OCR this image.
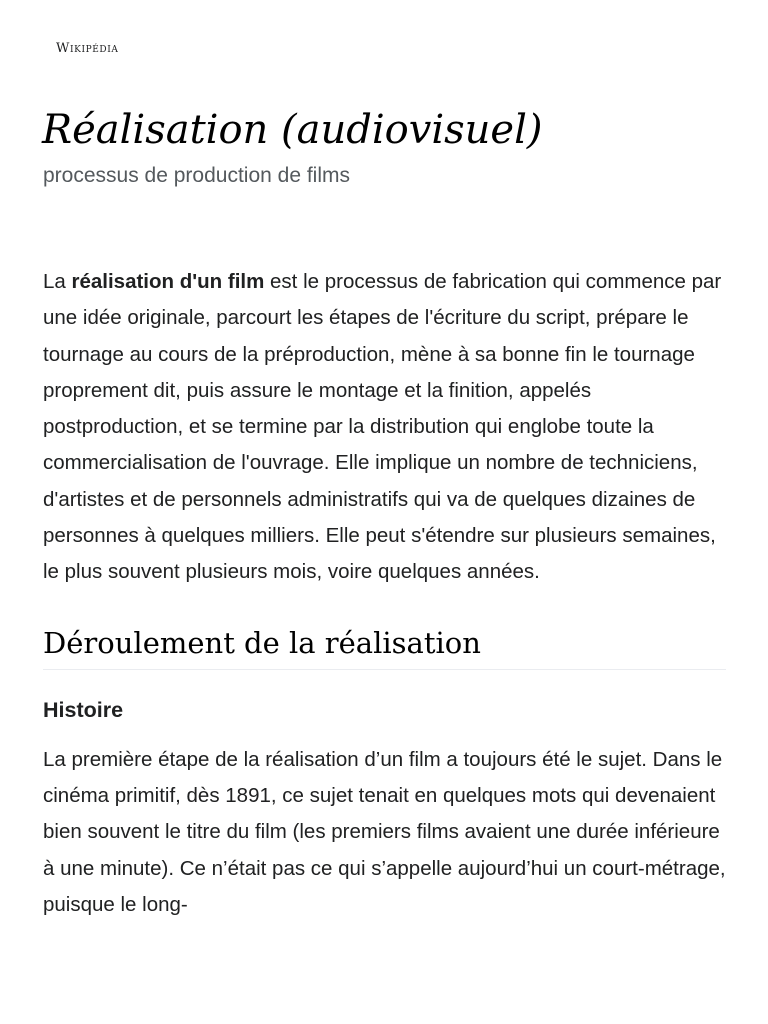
Wikipédia
Réalisation (audiovisuel)
processus de production de films

La réalisation d'un film est le processus de fabrication qui commence par une idée originale, parcourt les étapes de l'écriture du script, prépare le tournage au cours de la préproduction, mène à sa bonne fin le tournage proprement dit, puis assure le montage et la finition, appelés postproduction, et se termine par la distribution qui englobe toute la commercialisation de l'ouvrage. Elle implique un nombre de techniciens, d'artistes et de personnels administratifs qui va de quelques dizaines de personnes à quelques milliers. Elle peut s'étendre sur plusieurs semaines, le plus souvent plusieurs mois, voire quelques années.

Déroulement de la réalisation
Histoire

La première étape de la réalisation d’un film a toujours été le sujet. Dans le cinéma primitif, dès 1891, ce sujet tenait en quelques mots qui devenaient bien souvent le titre du film (les premiers films avaient une durée inférieure à une minute). Ce n’était pas ce qui s’appelle aujourd’hui un court-métrage, puisque le long-
